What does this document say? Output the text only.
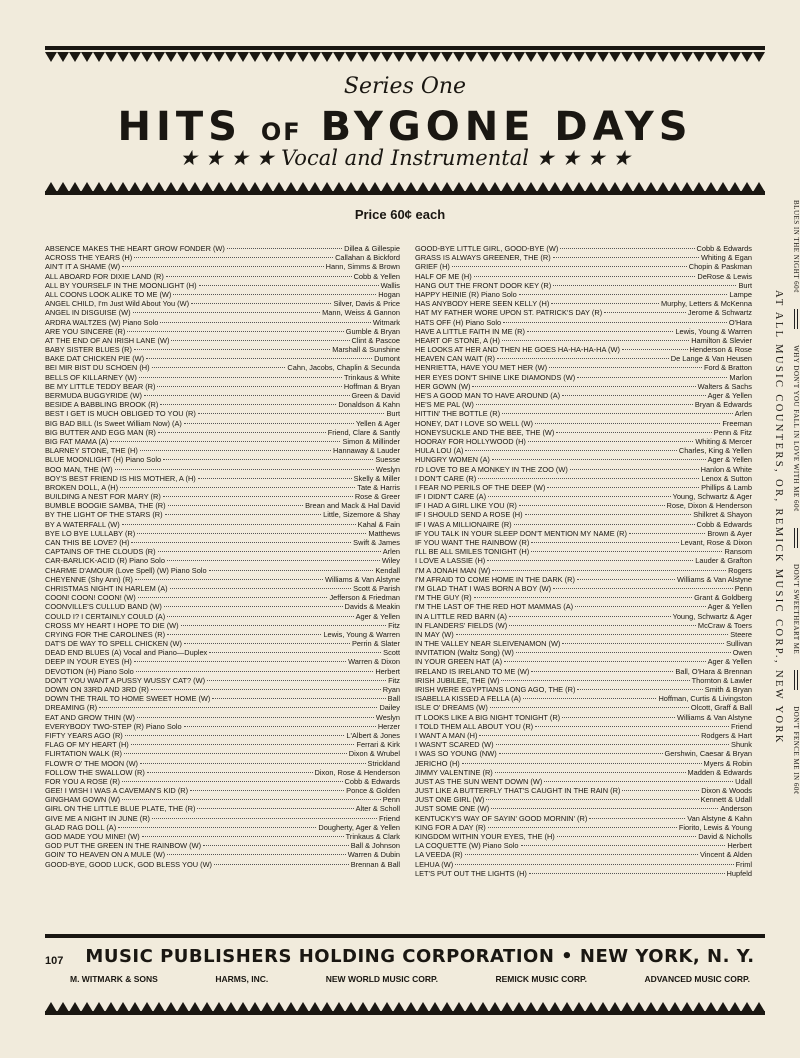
Series One
HITS OF BYGONE DAYS
★ ★ ★ ★ Vocal and Instrumental ★ ★ ★ ★
Price 60¢ each
ABSENCE MAKES THE HEART GROW FONDER (W)	Dillea & Gillespie
ACROSS THE YEARS (H)	Callahan & Bickford
AIN'T IT A SHAME (W)	Hann, Simms & Brown
ALL ABOARD FOR DIXIE LAND (R)	Cobb & Yellen
ALL BY YOURSELF IN THE MOONLIGHT (H)	Wallis
ALL COONS LOOK ALIKE TO ME (W)	Hogan
ANGEL CHILD, I'm Just Wild About You (W)	Silver, Davis & Price
ANGEL IN DISGUISE (W)	Mann, Weiss & Gannon
ARDRA WALTZES (W) Piano Solo	Witmark
ARE YOU SINCERE (R)	Gumble & Bryan
AT THE END OF AN IRISH LANE (W)	Clint & Pascoe
BABY SISTER BLUES (R)	Marshall & Sunshine
BAKE DAT CHICKEN PIE (W)	Dumont
BEI MIR BIST DU SCHOEN (H)	Cahn, Jacobs, Chaplin & Secunda
BELLS OF KILLARNEY (W)	Trinkaus & White
BE MY LITTLE TEDDY BEAR (R)	Hoffman & Bryan
BERMUDA BUGGYRIDE (W)	Green & David
BESIDE A BABBLING BROOK (R)	Donaldson & Kahn
BEST I GET IS MUCH OBLIGED TO YOU (R)	Burt
BIG BAD BILL (Is Sweet William Now) (A)	Yellen & Ager
BIG BUTTER AND EGG MAN (R)	Friend, Clare & Santly
BIG FAT MAMA (A)	Simon & Millinder
BLARNEY STONE, THE (H)	Hannaway & Lauder
BLUE MOONLIGHT (H) Piano Solo	Suesse
BOO MAN, THE (W)	Weslyn
BOY'S BEST FRIEND IS HIS MOTHER, A (H)	Skelly & Miller
BROKEN DOLL, A (H)	Tate & Harris
BUILDING A NEST FOR MARY (R)	Rose & Greer
BUMBLE BOOGIE SAMBA, THE (R)	Brean and Mack & Hal David
BY THE LIGHT OF THE STARS (R)	Little, Sizemore & Shay
BY A WATERFALL (W)	Kahal & Fain
BYE LO BYE LULLABY (R)	Matthews
CAN THIS BE LOVE? (H)	Swift & James
CAPTAINS OF THE CLOUDS (R)	Arlen
CAR-BARLICK-ACID (R) Piano Solo	Wiley
CHARME D'AMOUR (Love Spell) (W) Piano Solo	Kendall
CHEYENNE (Shy Ann) (R)	Williams & Van Alstyne
CHRISTMAS NIGHT IN HARLEM (A)	Scott & Parish
COON! COON! COON! (W)	Jefferson & Friedman
COONVILLE'S CULLUD BAND (W)	Davids & Meakin
COULD I? I CERTAINLY COULD (A)	Ager & Yellen
CROSS MY HEART I HOPE TO DIE (W)	Fitz
CRYING FOR THE CAROLINES (R)	Lewis, Young & Warren
DAT'S DE WAY TO SPELL CHICKEN (W)	Perrin & Slater
DEAD END BLUES (A) Vocal and Piano—Duplex	Scott
DEEP IN YOUR EYES (H)	Warren & Dixon
DEVOTION (H) Piano Solo	Herbert
DON'T YOU WANT A PUSSY WUSSY CAT? (W)	Fitz
DOWN ON 33RD AND 3RD (R)	Ryan
DOWN THE TRAIL TO HOME SWEET HOME (W)	Ball
DREAMING (R)	Dailey
EAT AND GROW THIN (W)	Weslyn
EVERYBODY TWO-STEP (R) Piano Solo	Herzer
FIFTY YEARS AGO (R)	L'Albert & Jones
FLAG OF MY HEART (H)	Ferrari & Kirk
FLIRTATION WALK (R)	Dixon & Wrubel
FLOW'R O' THE MOON (W)	Strickland
FOLLOW THE SWALLOW (R)	Dixon, Rose & Henderson
FOR YOU A ROSE (R)	Cobb & Edwards
GEE! I WISH I WAS A CAVEMAN'S KID (R)	Ponce & Golden
GINGHAM GOWN (W)	Penn
GIRL ON THE LITTLE BLUE PLATE, THE (R)	Alter & Scholl
GIVE ME A NIGHT IN JUNE (R)	Friend
GLAD RAG DOLL (A)	Dougherty, Ager & Yellen
GOD MADE YOU MINE! (W)	Trinkaus & Clark
GOD PUT THE GREEN IN THE RAINBOW (W)	Ball & Johnson
GOIN' TO HEAVEN ON A MULE (W)	Warren & Dubin
GOOD-BYE, GOOD LUCK, GOD BLESS YOU (W)	Brennan & Ball
GOOD-BYE LITTLE GIRL, GOOD-BYE (W)	Cobb & Edwards
GRASS IS ALWAYS GREENER, THE (R)	Whiting & Egan
GRIEF (H)	Chopin & Paskman
HALF OF ME (H)	DeRose & Lewis
HANG OUT THE FRONT DOOR KEY (R)	Burt
HAPPY HEINIE (R) Piano Solo	Lampe
HAS ANYBODY HERE SEEN KELLY (H)	Murphy, Letters & McKenna
HAT MY FATHER WORE UPON ST. PATRICK'S DAY (R)	Jerome & Schwartz
HATS OFF (H) Piano Solo	O'Hara
HAVE A LITTLE FAITH IN ME (R)	Lewis, Young & Warren
HEART OF STONE, A (H)	Hamilton & Slevier
HE LOOKS AT HER AND THEN HE GOES HA-HA-HA-HA (W)	Henderson & Rose
HEAVEN CAN WAIT (R)	De Lange & Van Heusen
HENRIETTA, HAVE YOU MET HER (W)	Ford & Bratton
HER EYES DON'T SHINE LIKE DIAMONDS (W)	Marlon
HER GOWN (W)	Walters & Sachs
HE'S A GOOD MAN TO HAVE AROUND (A)	Ager & Yellen
HE'S ME PAL (W)	Bryan & Edwards
HITTIN' THE BOTTLE (R)	Arlen
HONEY, DAT I LOVE SO WELL (W)	Freeman
HONEYSUCKLE AND THE BEE, THE (W)	Penn & Fitz
HOORAY FOR HOLLYWOOD (H)	Whiting & Mercer
HULA LOU (A)	Charles, King & Yellen
HUNGRY WOMEN (A)	Ager & Yellen
I'D LOVE TO BE A MONKEY IN THE ZOO (W)	Hanlon & White
I DON'T CARE (R)	Lenox & Sutton
I FEAR NO PERILS OF THE DEEP (W)	Phillips & Lamb
IF I DIDN'T CARE (A)	Young, Schwartz & Ager
IF I HAD A GIRL LIKE YOU (R)	Rose, Dixon & Henderson
IF I SHOULD SEND A ROSE (H)	Shilkret & Shayon
IF I WAS A MILLIONAIRE (R)	Cobb & Edwards
IF YOU TALK IN YOUR SLEEP DON'T MENTION MY NAME (R)	Brown & Ayer
IF YOU WANT THE RAINBOW (R)	Levant, Rose & Dixon
I'LL BE ALL SMILES TONIGHT (H)	Ransom
I LOVE A LASSIE (H)	Lauder & Grafton
I'M A JONAH MAN (W)	Rogers
I'M AFRAID TO COME HOME IN THE DARK (R)	Williams & Van Alstyne
I'M GLAD THAT I WAS BORN A BOY (W)	Penn
I'M THE GUY (R)	Grant & Goldberg
I'M THE LAST OF THE RED HOT MAMMAS (A)	Ager & Yellen
IN A LITTLE RED BARN (A)	Young, Schwartz & Ager
IN FLANDERS' FIELDS (W)	McCraw & Toers
IN MAY (W)	Steere
IN THE VALLEY NEAR SLEIVENAMON (W)	Sullivan
INVITATION (Waltz Song) (W)	Owen
IN YOUR GREEN HAT (A)	Ager & Yellen
IRELAND IS IRELAND TO ME (W)	Ball, O'Hara & Brennan
IRISH JUBILEE, THE (W)	Thornton & Lawler
IRISH WERE EGYPTIANS LONG AGO, THE (R)	Smith & Bryan
ISABELLA KISSED A FELLA (A)	Hoffman, Curtis & Livingston
ISLE O' DREAMS (W)	Olcott, Graff & Ball
IT LOOKS LIKE A BIG NIGHT TONIGHT (R)	Williams & Van Alstyne
I TOLD THEM ALL ABOUT YOU (R)	Friend
I WANT A MAN (H)	Rodgers & Hart
I WASN'T SCARED (W)	Shunk
I WAS SO YOUNG (NW)	Gershwin, Caesar & Bryan
JERICHO (H)	Myers & Robin
JIMMY VALENTINE (R)	Madden & Edwards
JUST AS THE SUN WENT DOWN (W)	Udall
JUST LIKE A BUTTERFLY THAT'S CAUGHT IN THE RAIN (R)	Dixon & Woods
JUST ONE GIRL (W)	Kennett & Udall
JUST SOME ONE (W)	Anderson
KENTUCKY'S WAY OF SAYIN' GOOD MORNIN' (R)	Van Alstyne & Kahn
KING FOR A DAY (R)	Fiorito, Lewis & Young
KINGDOM WITHIN YOUR EYES, THE (H)	David & Nicholls
LA COQUETTE (W) Piano Solo	Herbert
LA VEEDA (R)	Vincent & Alden
LEHUA (W)	Friml
LET'S PUT OUT THE LIGHTS (H)	Hupfeld
107	MUSIC PUBLISHERS HOLDING CORPORATION • NEW YORK, N. Y.
M. WITMARK & SONS	HARMS, INC.	NEW WORLD MUSIC CORP.	REMICK MUSIC CORP.	ADVANCED MUSIC CORP.
BLUES IN THE NIGHT 60¢
WHY DON'T YOU FALL IN LOVE WITH ME 60¢
DON'T SWEETHEART ME
DON'T FENCE ME IN 60¢
AT ALL MUSIC COUNTERS, OR, REMICK MUSIC CORP., NEW YORK
